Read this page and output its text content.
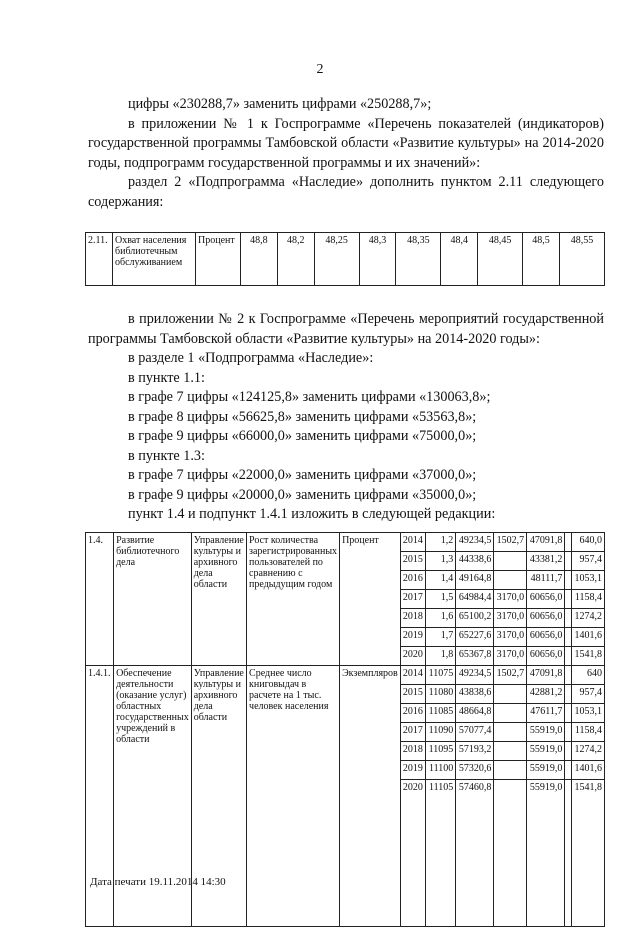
2

цифры «230288,7» заменить цифрами «250288,7»;

в приложении № 1 к Госпрограмме «Перечень показателей (индикаторов) государственной программы Тамбовской области «Развитие культуры» на 2014-2020 годы, подпрограмм государственной программы и их значений»:

раздел 2 «Подпрограмма «Наследие» дополнить пунктом 2.11 следующего содержания:

2.11.	Охват населения библиотечным обслуживанием	Процент	48,8	48,2	48,25	48,3	48,35	48,4	48,45	48,5	48,55

в приложении № 2 к Госпрограмме «Перечень мероприятий государственной программы Тамбовской области «Развитие культуры» на 2014-2020 годы»:

в разделе 1 «Подпрограмма «Наследие»:

в пункте 1.1:

в графе 7 цифры «124125,8» заменить цифрами «130063,8»;

в графе 8 цифры «56625,8» заменить цифрами «53563,8»;

в графе 9 цифры «66000,0» заменить цифрами «75000,0»;

в пункте 1.3:

в графе 7 цифры «22000,0» заменить цифрами «37000,0»;

в графе 9 цифры «20000,0» заменить цифрами «35000,0»;

пункт 1.4 и подпункт 1.4.1 изложить в следующей редакции:

1.4.	Развитие библиотечного дела	Управление культуры и архивного дела области	Рост количества зарегистрированных пользователей по сравнению с предыдущим годом	Процент	2014	1,2	49234,5	1502,7	47091,8		640,0
					2015	1,3	44338,6		43381,2		957,4
					2016	1,4	49164,8		48111,7		1053,1
					2017	1,5	64984,4	3170,0	60656,0		1158,4
					2018	1,6	65100,2	3170,0	60656,0		1274,2
					2019	1,7	65227,6	3170,0	60656,0		1401,6
					2020	1,8	65367,8	3170,0	60656,0		1541,8
1.4.1.	Обеспечение деятельности (оказание услуг) областных государственных учреждений в области	Управление культуры и архивного дела области	Среднее число книговыдач в расчете на 1 тыс. человек населения	Экземпляров	2014	11075	49234,5	1502,7	47091,8		640
					2015	11080	43838,6		42881,2		957,4
					2016	11085	48664,8		47611,7		1053,1
					2017	11090	57077,4		55919,0		1158,4
					2018	11095	57193,2		55919,0		1274,2
					2019	11100	57320,6		55919,0		1401,6
					2020	11105	57460,8		55919,0		1541,8
Дата печати 19.11.2014 14:30
